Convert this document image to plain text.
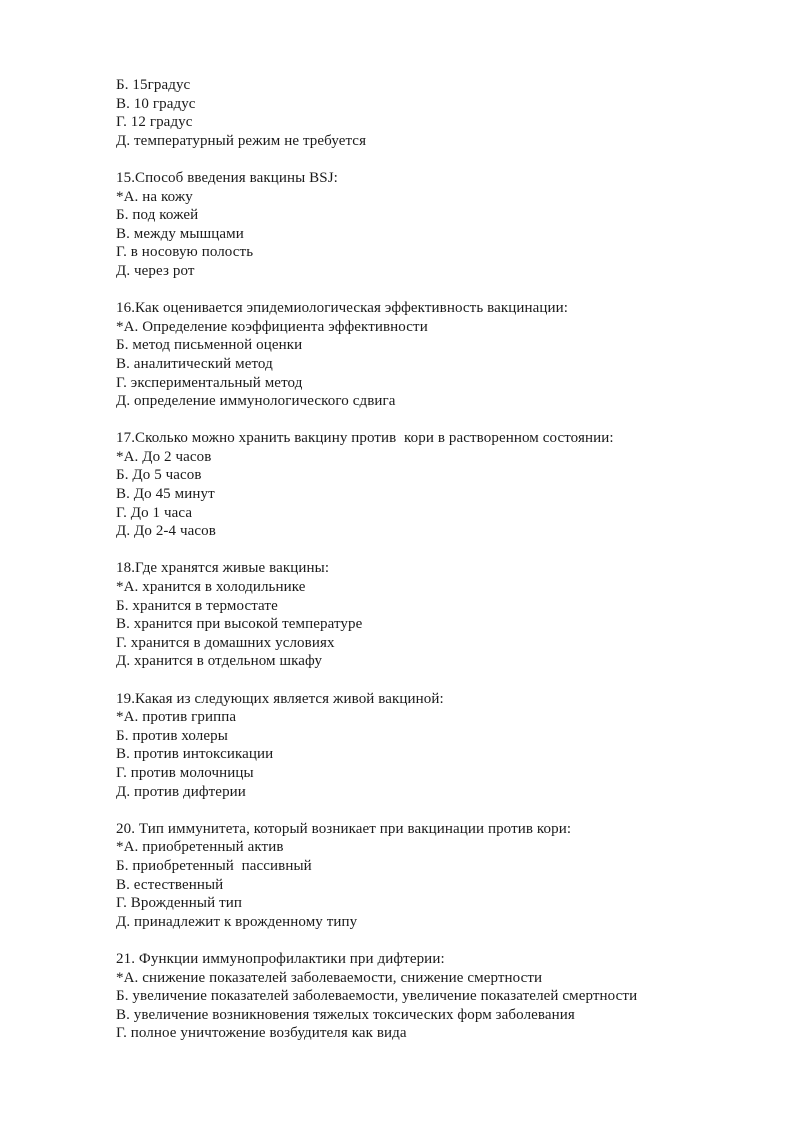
Б. 15градус
В. 10 градус
Г. 12 градус
Д. температурный режим не требуется
15.Способ введения вакцины BSJ:
*А. на кожу
Б. под кожей
В. между мышцами
Г. в носовую полость
Д. через рот
16.Как оценивается эпидемиологическая эффективность вакцинации:
*А. Определение коэффициента эффективности
Б. метод письменной оценки
В. аналитический метод
Г. экспериментальный метод
Д. определение иммунологического сдвига
17.Сколько можно хранить вакцину против  кори в растворенном состоянии:
*А. До 2 часов
Б. До 5 часов
В. До 45 минут
Г. До 1 часа
Д. До 2-4 часов
18.Где хранятся живые вакцины:
*А. хранится в холодильнике
Б. хранится в термостате
В. хранится при высокой температуре
Г. хранится в домашних условиях
Д. хранится в отдельном шкафу
19.Какая из следующих является живой вакциной:
*А. против гриппа
Б. против холеры
В. против интоксикации
Г. против молочницы
Д. против дифтерии
20. Тип иммунитета, который возникает при вакцинации против кори:
*А. приобретенный актив
Б. приобретенный  пассивный
В. естественный
Г. Врожденный тип
Д. принадлежит к врожденному типу
21. Функции иммунопрофилактики при дифтерии:
*А. снижение показателей заболеваемости, снижение смертности
Б. увеличение показателей заболеваемости, увеличение показателей смертности
В. увеличение возникновения тяжелых токсических форм заболевания
Г. полное уничтожение возбудителя как вида
